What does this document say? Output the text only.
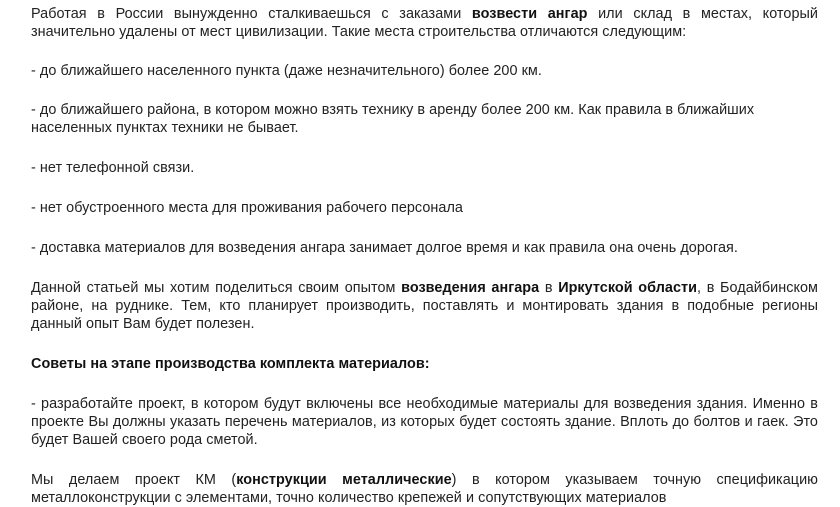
Работая в России вынужденно сталкиваешься с заказами возвести ангар или склад в местах, который значительно удалены от мест цивилизации. Такие места строительства отличаются следующим:

- до ближайшего населенного пункта (даже незначительного) более 200 км.

- до ближайшего района, в котором можно взять технику в аренду более 200 км. Как правила в ближайших населенных пунктах техники не бывает.

- нет телефонной связи.

- нет обустроенного места для проживания рабочего персонала

- доставка материалов для возведения ангара занимает долгое время и как правила она очень дорогая.

Данной статьей мы хотим поделиться своим опытом возведения ангара в Иркутской области, в Бодайбинском районе, на руднике. Тем, кто планирует производить, поставлять и монтировать здания в подобные регионы данный опыт Вам будет полезен.

Советы на этапе производства комплекта материалов:

- разработайте проект, в котором будут включены все необходимые материалы для возведения здания. Именно в проекте Вы должны указать перечень материалов, из которых будет состоять здание. Вплоть до болтов и гаек. Это будет Вашей своего рода сметой.

Мы делаем проект КМ (конструкции металлические) в котором указываем точную спецификацию металлоконструкции с элементами, точно количество крепежей и сопутствующих материалов
